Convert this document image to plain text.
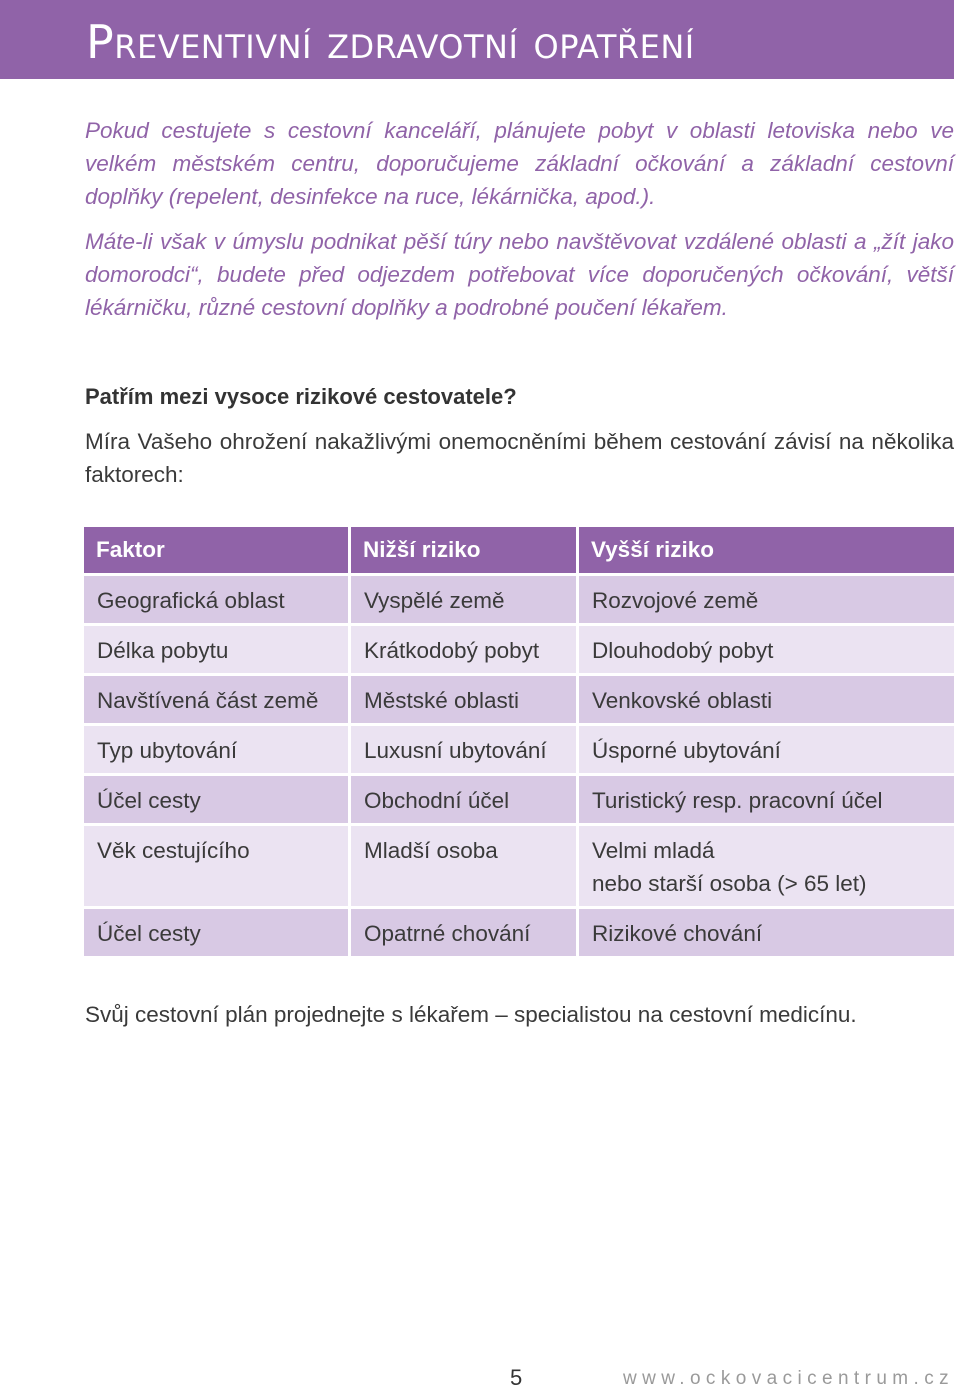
Preventivní zdravotní opatření

Pokud cestujete s cestovní kanceláří, plánujete pobyt v oblasti letoviska nebo ve velkém městském centru, doporučujeme základní očkování a základní cestovní doplňky (repelent, desinfekce na ruce, lékárnička, apod.).

Máte-li však v úmyslu podnikat pěší túry nebo navštěvovat vzdálené oblasti a „žít jako domorodci“, budete před odjezdem potřebovat více doporučených očkování, větší lékárničku, různé cestovní doplňky a podrobné poučení lékařem.

Patřím mezi vysoce rizikové cestovatele?

Míra Vašeho ohrožení nakažlivými onemocněními během cestování závisí na několika faktorech:

Faktor	Nižší riziko	Vyšší riziko
Geografická oblast	Vyspělé země	Rozvojové země
Délka pobytu	Krátkodobý pobyt	Dlouhodobý pobyt
Navštívená část země	Městské oblasti	Venkovské oblasti
Typ ubytování	Luxusní ubytování	Úsporné ubytování
Účel cesty	Obchodní účel	Turistický resp. pracovní účel
Věk cestujícího	Mladší osoba	Velmi mladá
nebo starší osoba (> 65 let)

Účel cesty	Opatrné chování	Rizikové chování

Svůj cestovní plán projednejte s lékařem – specialistou na cestovní medicínu.

5	www.ockovacicentrum.cz
